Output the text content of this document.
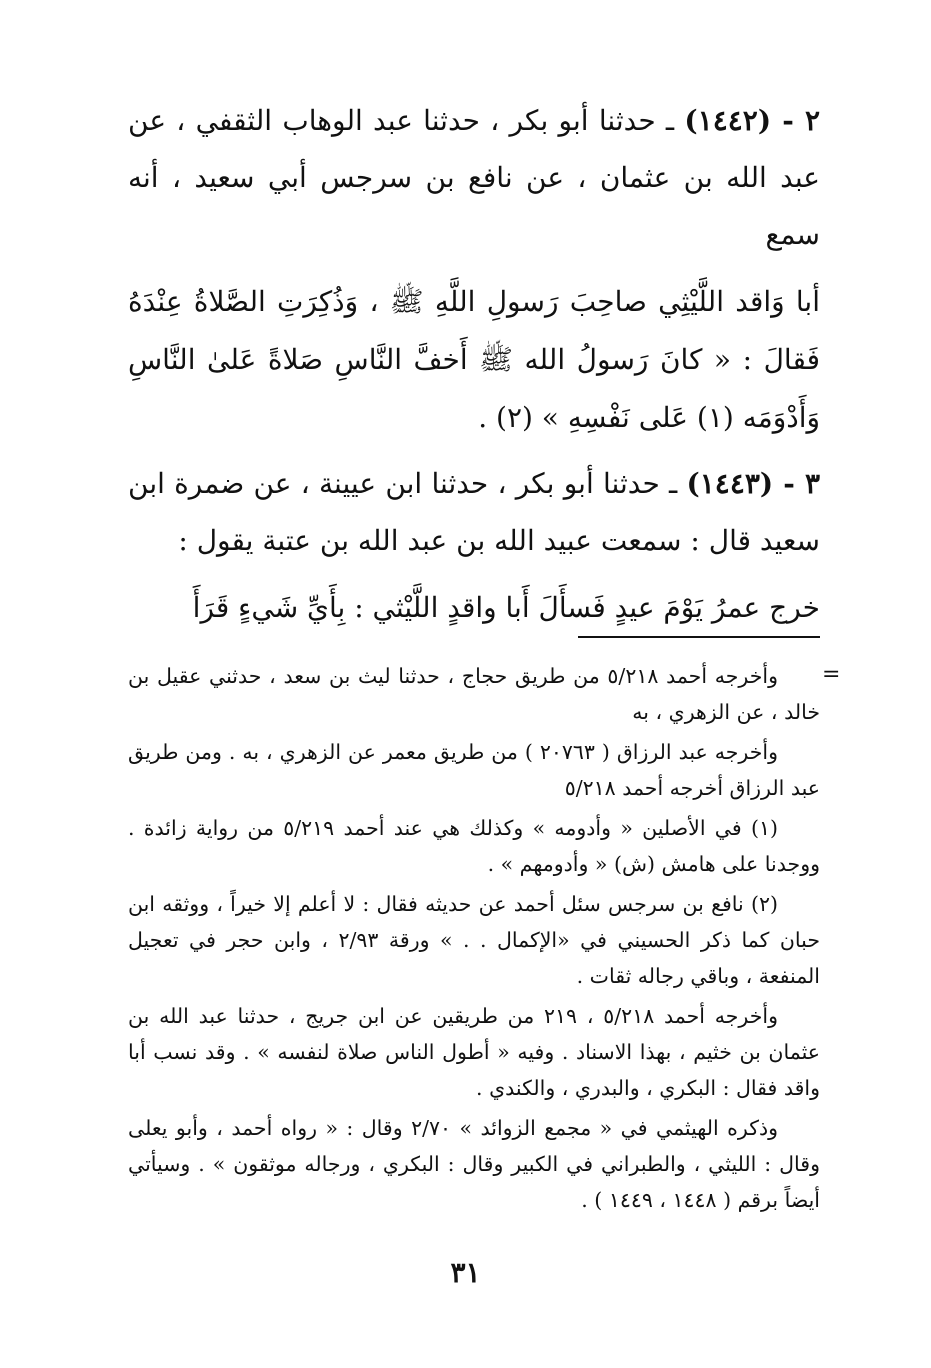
٢ - (١٤٤٢) ـ حدثنا أبو بكر ، حدثنا عبد الوهاب الثقفي ، عن عبد الله بن عثمان ، عن نافع بن سرجس أبي سعيد ، أنه سمع

أبا وَاقد اللَّيْثِي صاحِبَ رَسولِ اللَّهِ ﷺ ، وَذُكِرَتِ الصَّلاةُ عِنْدَهُ فَقالَ : « كانَ رَسولُ الله ﷺ أَخفَّ النَّاسِ صَلاةً عَلىٰ النَّاسِ وَأَدْوَمَه (١) عَلى نَفْسِهِ » (٢) .

٣ - (١٤٤٣) ـ حدثنا أبو بكر ، حدثنا ابن عيينة ، عن ضمرة ابن سعيد قال : سمعت عبيد الله بن عبد الله بن عتبة يقول :

خرج عمرُ يَوْمَ عيدٍ فَسأَلَ أَبا واقدٍ اللَّيْثي : بِأَيِّ شَيءٍ قَرَأَ

=

وأخرجه أحمد ٥/٢١٨ من طريق حجاج ، حدثنا ليث بن سعد ، حدثني عقيل بن خالد ، عن الزهري ، به

وأخرجه عبد الرزاق ( ٢٠٧٦٣ ) من طريق معمر عن الزهري ، به . ومن طريق عبد الرزاق أخرجه أحمد ٥/٢١٨

(١) في الأصلين « وأدومه » وكذلك هي عند أحمد ٥/٢١٩ من رواية زائدة . ووجدنا على هامش (ش) « وأدومهم » .

(٢) نافع بن سرجس سئل أحمد عن حديثه فقال : لا أعلم إلا خيراً ، ووثقه ابن حبان كما ذكر الحسيني في «الإكمال . . » ورقة ٢/٩٣ ، وابن حجر في تعجيل المنفعة ، وباقي رجاله ثقات .

وأخرجه أحمد ٥/٢١٨ ، ٢١٩ من طريقين عن ابن جريج ، حدثنا عبد الله بن عثمان بن خثيم ، بهذا الاسناد . وفيه « أطول الناس صلاة لنفسه » . وقد نسب أبا واقد فقال : البكري ، والبدري ، والكندي .

وذكره الهيثمي في « مجمع الزوائد » ٢/٧٠ وقال : « رواه أحمد ، وأبو يعلى وقال : الليثي ، والطبراني في الكبير وقال : البكري ، ورجاله موثقون » . وسيأتي أيضاً برقم ( ١٤٤٨ ، ١٤٤٩ ) .

٣١
